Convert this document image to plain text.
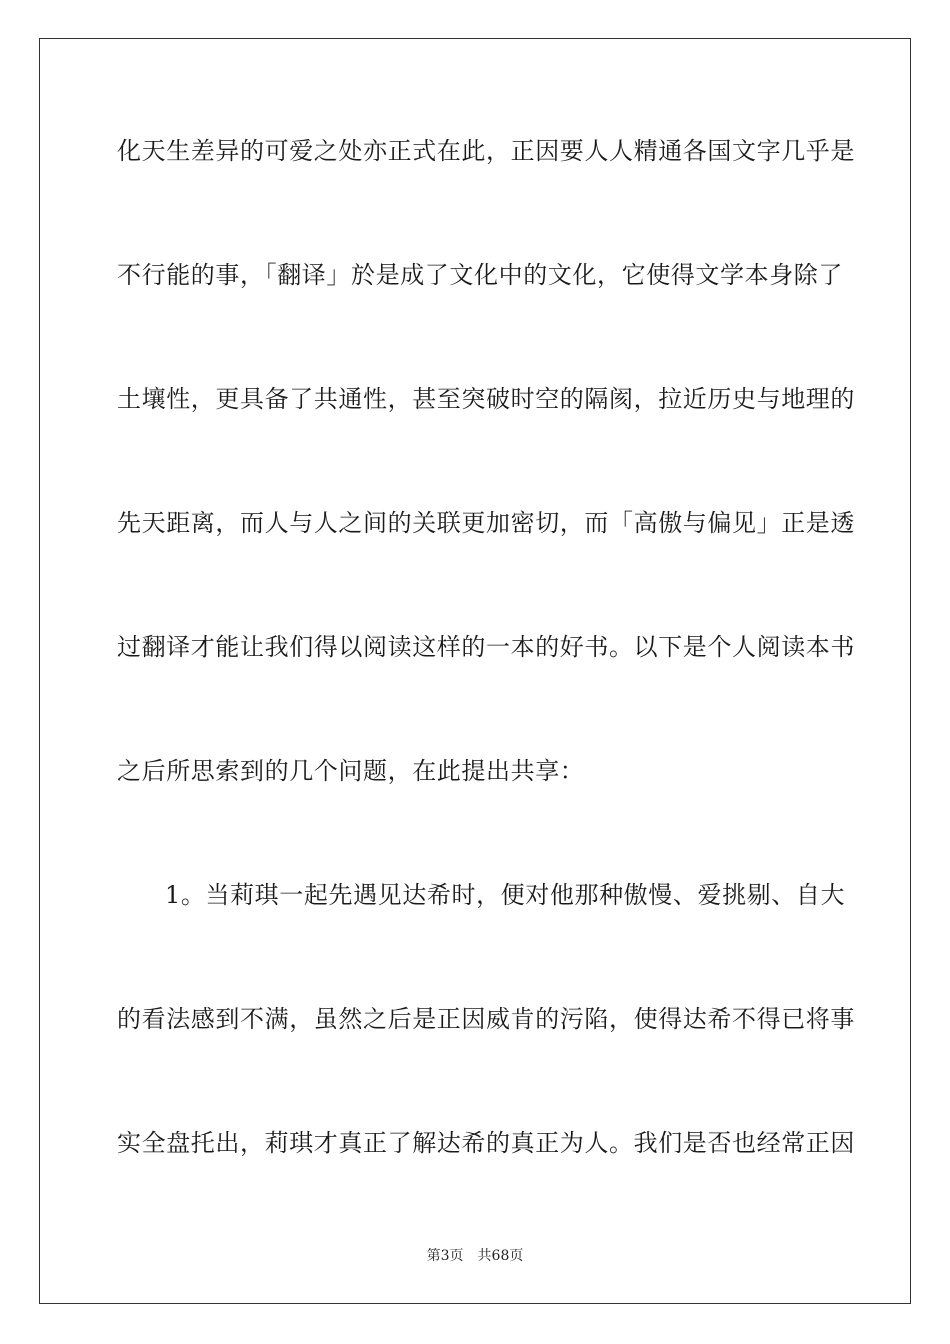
化天生差异的可爱之处亦正式在此，正因要人人精通各国文字几乎是
不行能的事，「翻译」於是成了文化中的文化，它使得文学本身除了
土壤性，更具备了共通性，甚至突破时空的隔阂，拉近历史与地理的
先天距离，而人与人之间的关联更加密切，而「高傲与偏见」正是透
过翻译才能让我们得以阅读这样的一本的好书。以下是个人阅读本书
之后所思索到的几个问题，在此提出共享：
1。当莉琪一起先遇见达希时，便对他那种傲慢、爱挑剔、自大
的看法感到不满，虽然之后是正因威肯的污陷，使得达希不得已将事
实全盘托出，莉琪才真正了解达希的真正为人。我们是否也经常正因
第3页 共68页
